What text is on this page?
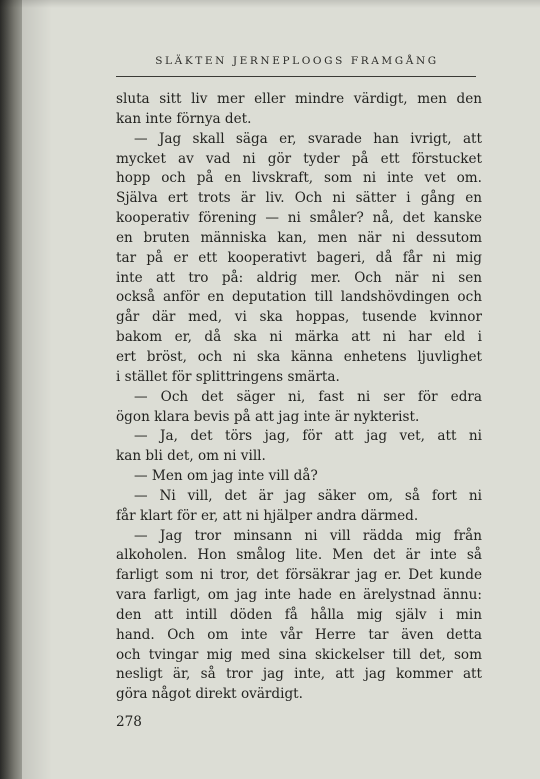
SLÄKTEN JERNEPLOOGS FRAMGÅNG
sluta sitt liv mer eller mindre värdigt, men den
kan inte förnya det.
— Jag skall säga er, svarade han ivrigt, att
mycket av vad ni gör tyder på ett förstucket
hopp och på en livskraft, som ni inte vet om.
Själva ert trots är liv. Och ni sätter i gång en
kooperativ förening — ni småler? nå, det kanske
en bruten människa kan, men när ni dessutom
tar på er ett kooperativt bageri, då får ni mig
inte att tro på: aldrig mer. Och när ni sen
också anför en deputation till landshövdingen och
går där med, vi ska hoppas, tusende kvinnor
bakom er, då ska ni märka att ni har eld i
ert bröst, och ni ska känna enhetens ljuvlighet
i stället för splittringens smärta.
— Och det säger ni, fast ni ser för edra
ögon klara bevis på att jag inte är nykterist.
— Ja, det törs jag, för att jag vet, att ni
kan bli det, om ni vill.
— Men om jag inte vill då?
— Ni vill, det är jag säker om, så fort ni
får klart för er, att ni hjälper andra därmed.
— Jag tror minsann ni vill rädda mig från
alkoholen. Hon smålog lite. Men det är inte så
farligt som ni tror, det försäkrar jag er. Det kunde
vara farligt, om jag inte hade en ärelystnad ännu:
den att intill döden få hålla mig själv i min
hand. Och om inte vår Herre tar även detta
och tvingar mig med sina skickelser till det, som
nesligt är, så tror jag inte, att jag kommer att
göra något direkt ovärdigt.
278
